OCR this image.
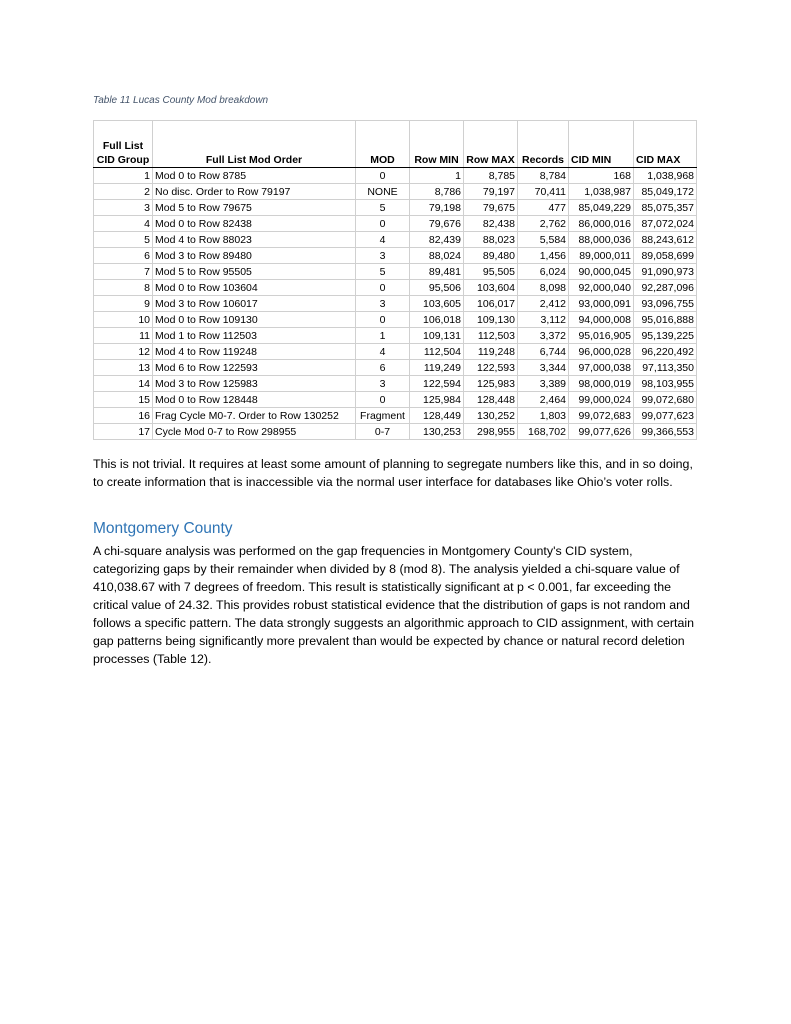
Table 11 Lucas County Mod breakdown
Full List
CID Group	Full List Mod Order	MOD	Row MIN	Row MAX	Records	CID MIN	CID MAX
1	Mod 0 to Row 8785	0	1	8,785	8,784	168	1,038,968
2	No disc. Order to Row 79197	NONE	8,786	79,197	70,411	1,038,987	85,049,172
3	Mod 5 to Row 79675	5	79,198	79,675	477	85,049,229	85,075,357
4	Mod 0 to Row 82438	0	79,676	82,438	2,762	86,000,016	87,072,024
5	Mod 4 to Row 88023	4	82,439	88,023	5,584	88,000,036	88,243,612
6	Mod 3 to Row 89480	3	88,024	89,480	1,456	89,000,011	89,058,699
7	Mod 5 to Row 95505	5	89,481	95,505	6,024	90,000,045	91,090,973
8	Mod 0 to Row 103604	0	95,506	103,604	8,098	92,000,040	92,287,096
9	Mod 3 to Row 106017	3	103,605	106,017	2,412	93,000,091	93,096,755
10	Mod 0 to Row 109130	0	106,018	109,130	3,112	94,000,008	95,016,888
11	Mod 1 to Row 112503	1	109,131	112,503	3,372	95,016,905	95,139,225
12	Mod 4 to Row 119248	4	112,504	119,248	6,744	96,000,028	96,220,492
13	Mod 6 to Row 122593	6	119,249	122,593	3,344	97,000,038	97,113,350
14	Mod 3 to Row 125983	3	122,594	125,983	3,389	98,000,019	98,103,955
15	Mod 0 to Row 128448	0	125,984	128,448	2,464	99,000,024	99,072,680
16	Frag Cycle M0-7. Order to Row 130252	Fragment	128,449	130,252	1,803	99,072,683	99,077,623
17	Cycle Mod 0-7 to Row 298955	0-7	130,253	298,955	168,702	99,077,626	99,366,553

This is not trivial. It requires at least some amount of planning to segregate numbers like this, and in so doing, to create information that is inaccessible via the normal user interface for databases like Ohio’s voter rolls.

Montgomery County

A chi-square analysis was performed on the gap frequencies in Montgomery County's CID system, categorizing gaps by their remainder when divided by 8 (mod 8). The analysis yielded a chi-square value of 410,038.67 with 7 degrees of freedom. This result is statistically significant at p < 0.001, far exceeding the critical value of 24.32. This provides robust statistical evidence that the distribution of gaps is not random and follows a specific pattern. The data strongly suggests an algorithmic approach to CID assignment, with certain gap patterns being significantly more prevalent than would be expected by chance or natural record deletion processes (Table 12).
